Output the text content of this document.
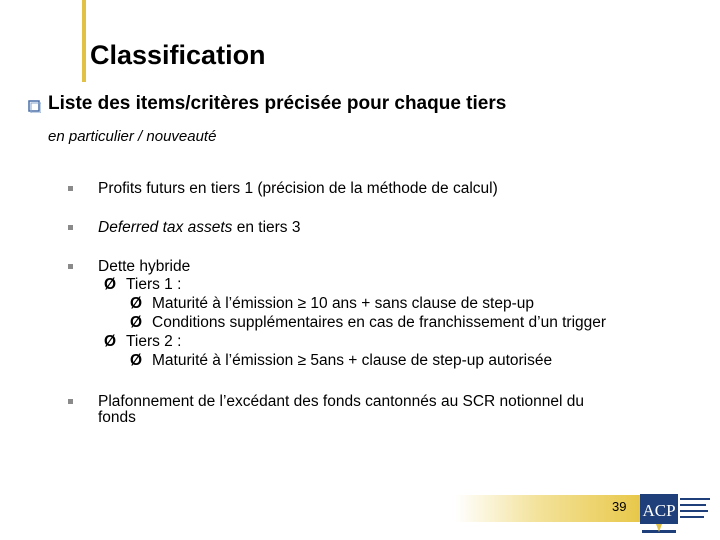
Classification
Liste des items/critères précisée pour chaque tiers
en particulier / nouveauté
Profits futurs en tiers 1 (précision de la méthode de calcul)
Deferred tax assets en tiers 3
Dette hybride
Ø Tiers 1 :
Ø Maturité à l’émission ≥ 10 ans + sans clause de step-up
Ø Conditions supplémentaires en cas de franchissement d’un trigger
Ø Tiers 2 :
Ø Maturité à l’émission ≥ 5ans + clause de step-up autorisée
Plafonnement de l’excédant des fonds cantonnés au SCR notionnel du
fonds
39 ACP
